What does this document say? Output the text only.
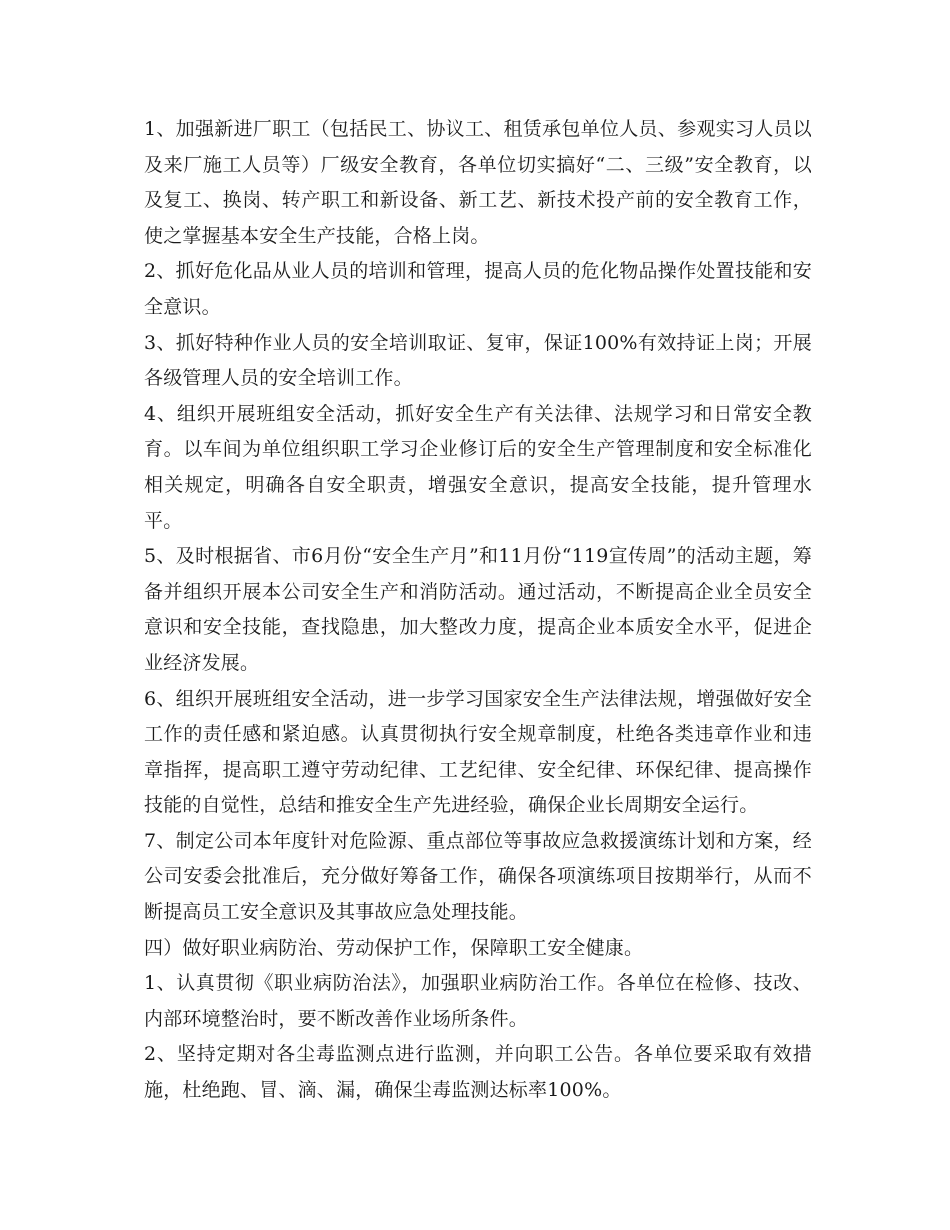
1、加强新进厂职工（包括民工、协议工、租赁承包单位人员、参观实习人员以及来厂施工人员等）厂级安全教育，各单位切实搞好“二、三级”安全教育，以及复工、换岗、转产职工和新设备、新工艺、新技术投产前的安全教育工作，使之掌握基本安全生产技能，合格上岗。

2、抓好危化品从业人员的培训和管理，提高人员的危化物品操作处置技能和安全意识。

3、抓好特种作业人员的安全培训取证、复审，保证100%有效持证上岗；开展各级管理人员的安全培训工作。

4、组织开展班组安全活动，抓好安全生产有关法律、法规学习和日常安全教育。以车间为单位组织职工学习企业修订后的安全生产管理制度和安全标准化相关规定，明确各自安全职责，增强安全意识，提高安全技能，提升管理水平。

5、及时根据省、市6月份“安全生产月”和11月份“119宣传周”的活动主题，筹备并组织开展本公司安全生产和消防活动。通过活动，不断提高企业全员安全意识和安全技能，查找隐患，加大整改力度，提高企业本质安全水平，促进企业经济发展。

6、组织开展班组安全活动，进一步学习国家安全生产法律法规，增强做好安全工作的责任感和紧迫感。认真贯彻执行安全规章制度，杜绝各类违章作业和违章指挥，提高职工遵守劳动纪律、工艺纪律、安全纪律、环保纪律、提高操作技能的自觉性，总结和推安全生产先进经验，确保企业长周期安全运行。

7、制定公司本年度针对危险源、重点部位等事故应急救援演练计划和方案，经公司安委会批准后，充分做好筹备工作，确保各项演练项目按期举行，从而不断提高员工安全意识及其事故应急处理技能。

四）做好职业病防治、劳动保护工作，保障职工安全健康。

1、认真贯彻《职业病防治法》，加强职业病防治工作。各单位在检修、技改、内部环境整治时，要不断改善作业场所条件。

2、坚持定期对各尘毒监测点进行监测，并向职工公告。各单位要采取有效措施，杜绝跑、冒、滴、漏，确保尘毒监测达标率100%。
